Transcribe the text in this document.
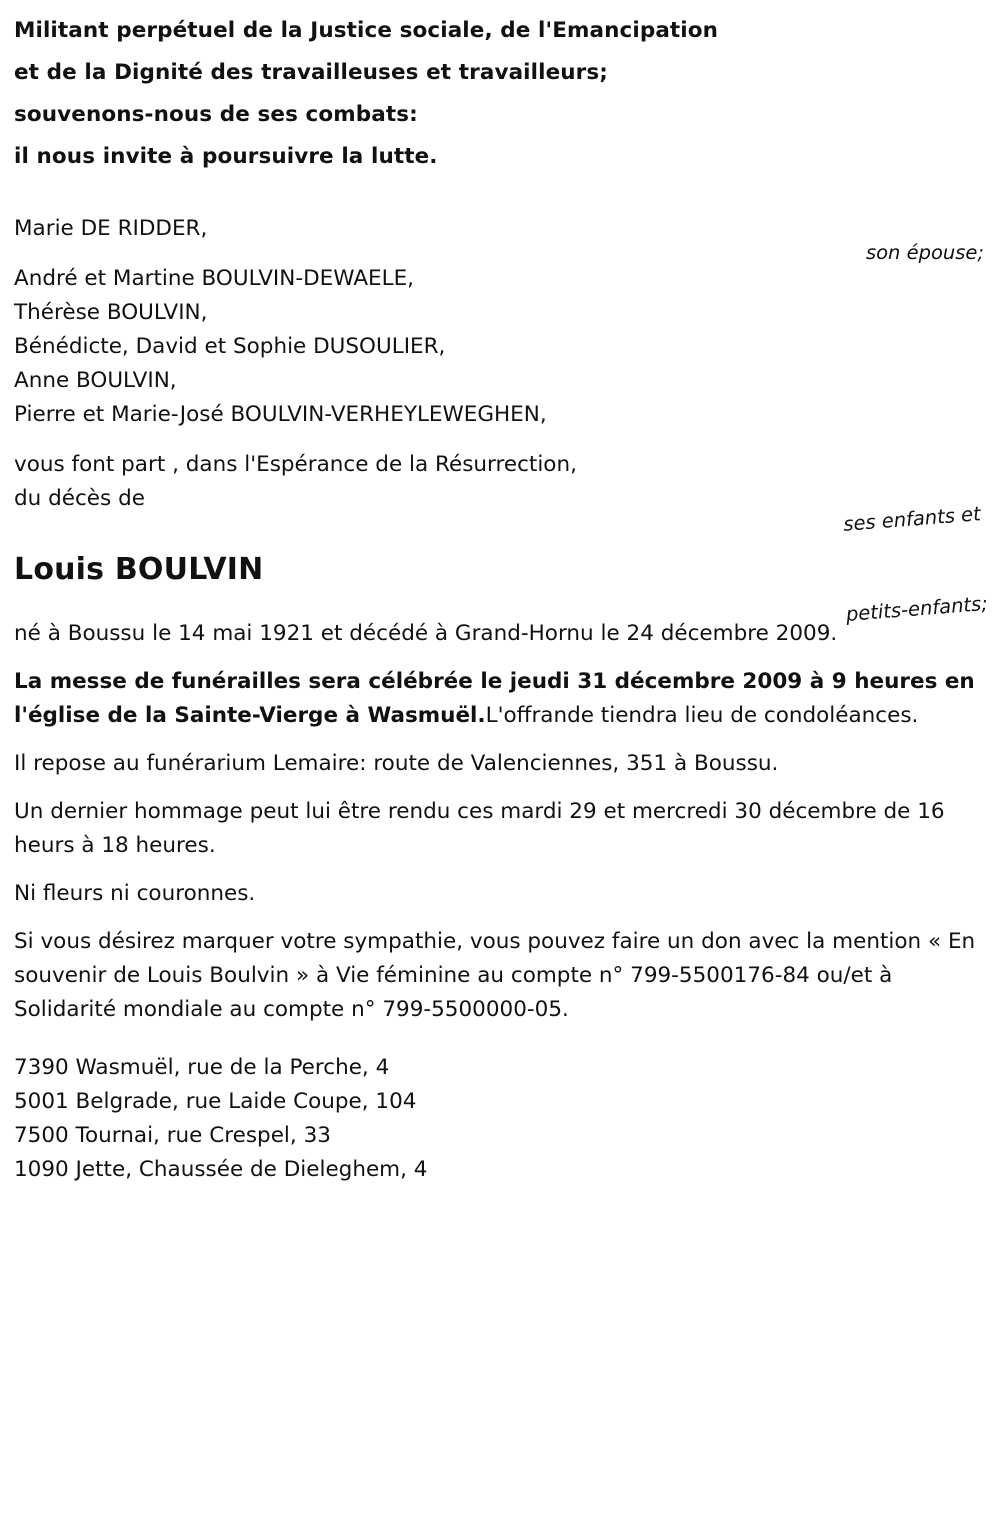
Militant perpétuel de la Justice sociale, de l'Emancipation
et de la Dignité des travailleuses et travailleurs;
souvenons-nous de ses combats:
il nous invite à poursuivre la lutte.
Marie DE RIDDER,
son épouse;
André et Martine BOULVIN-DEWAELE,
Thérèse BOULVIN,
Bénédicte, David et Sophie DUSOULIER,
Anne BOULVIN,
Pierre et Marie-José BOULVIN-VERHEYLEWEGHEN,

ses enfants et

petits-enfants;

vous font part , dans l'Espérance de la Résurrection,
du décès de
Louis BOULVIN

né à Boussu le 14 mai 1921 et décédé à Grand-Hornu le 24 décembre 2009.

La messe de funérailles sera célébrée le jeudi 31 décembre 2009 à 9 heures en l'église de la Sainte-Vierge à Wasmuël.L'offrande tiendra lieu de condoléances.

Il repose au funérarium Lemaire: route de Valenciennes, 351 à Boussu.

Un dernier hommage peut lui être rendu ces mardi 29 et mercredi 30 décembre de 16 heurs à 18 heures.

Ni fleurs ni couronnes.

Si vous désirez marquer votre sympathie, vous pouvez faire un don avec la mention « En souvenir de Louis Boulvin » à Vie féminine au compte n° 799-5500176-84 ou/et à Solidarité mondiale au compte n° 799-5500000-05.

7390 Wasmuël, rue de la Perche, 4
5001 Belgrade, rue Laide Coupe, 104
7500 Tournai, rue Crespel, 33
1090 Jette, Chaussée de Dieleghem, 4
